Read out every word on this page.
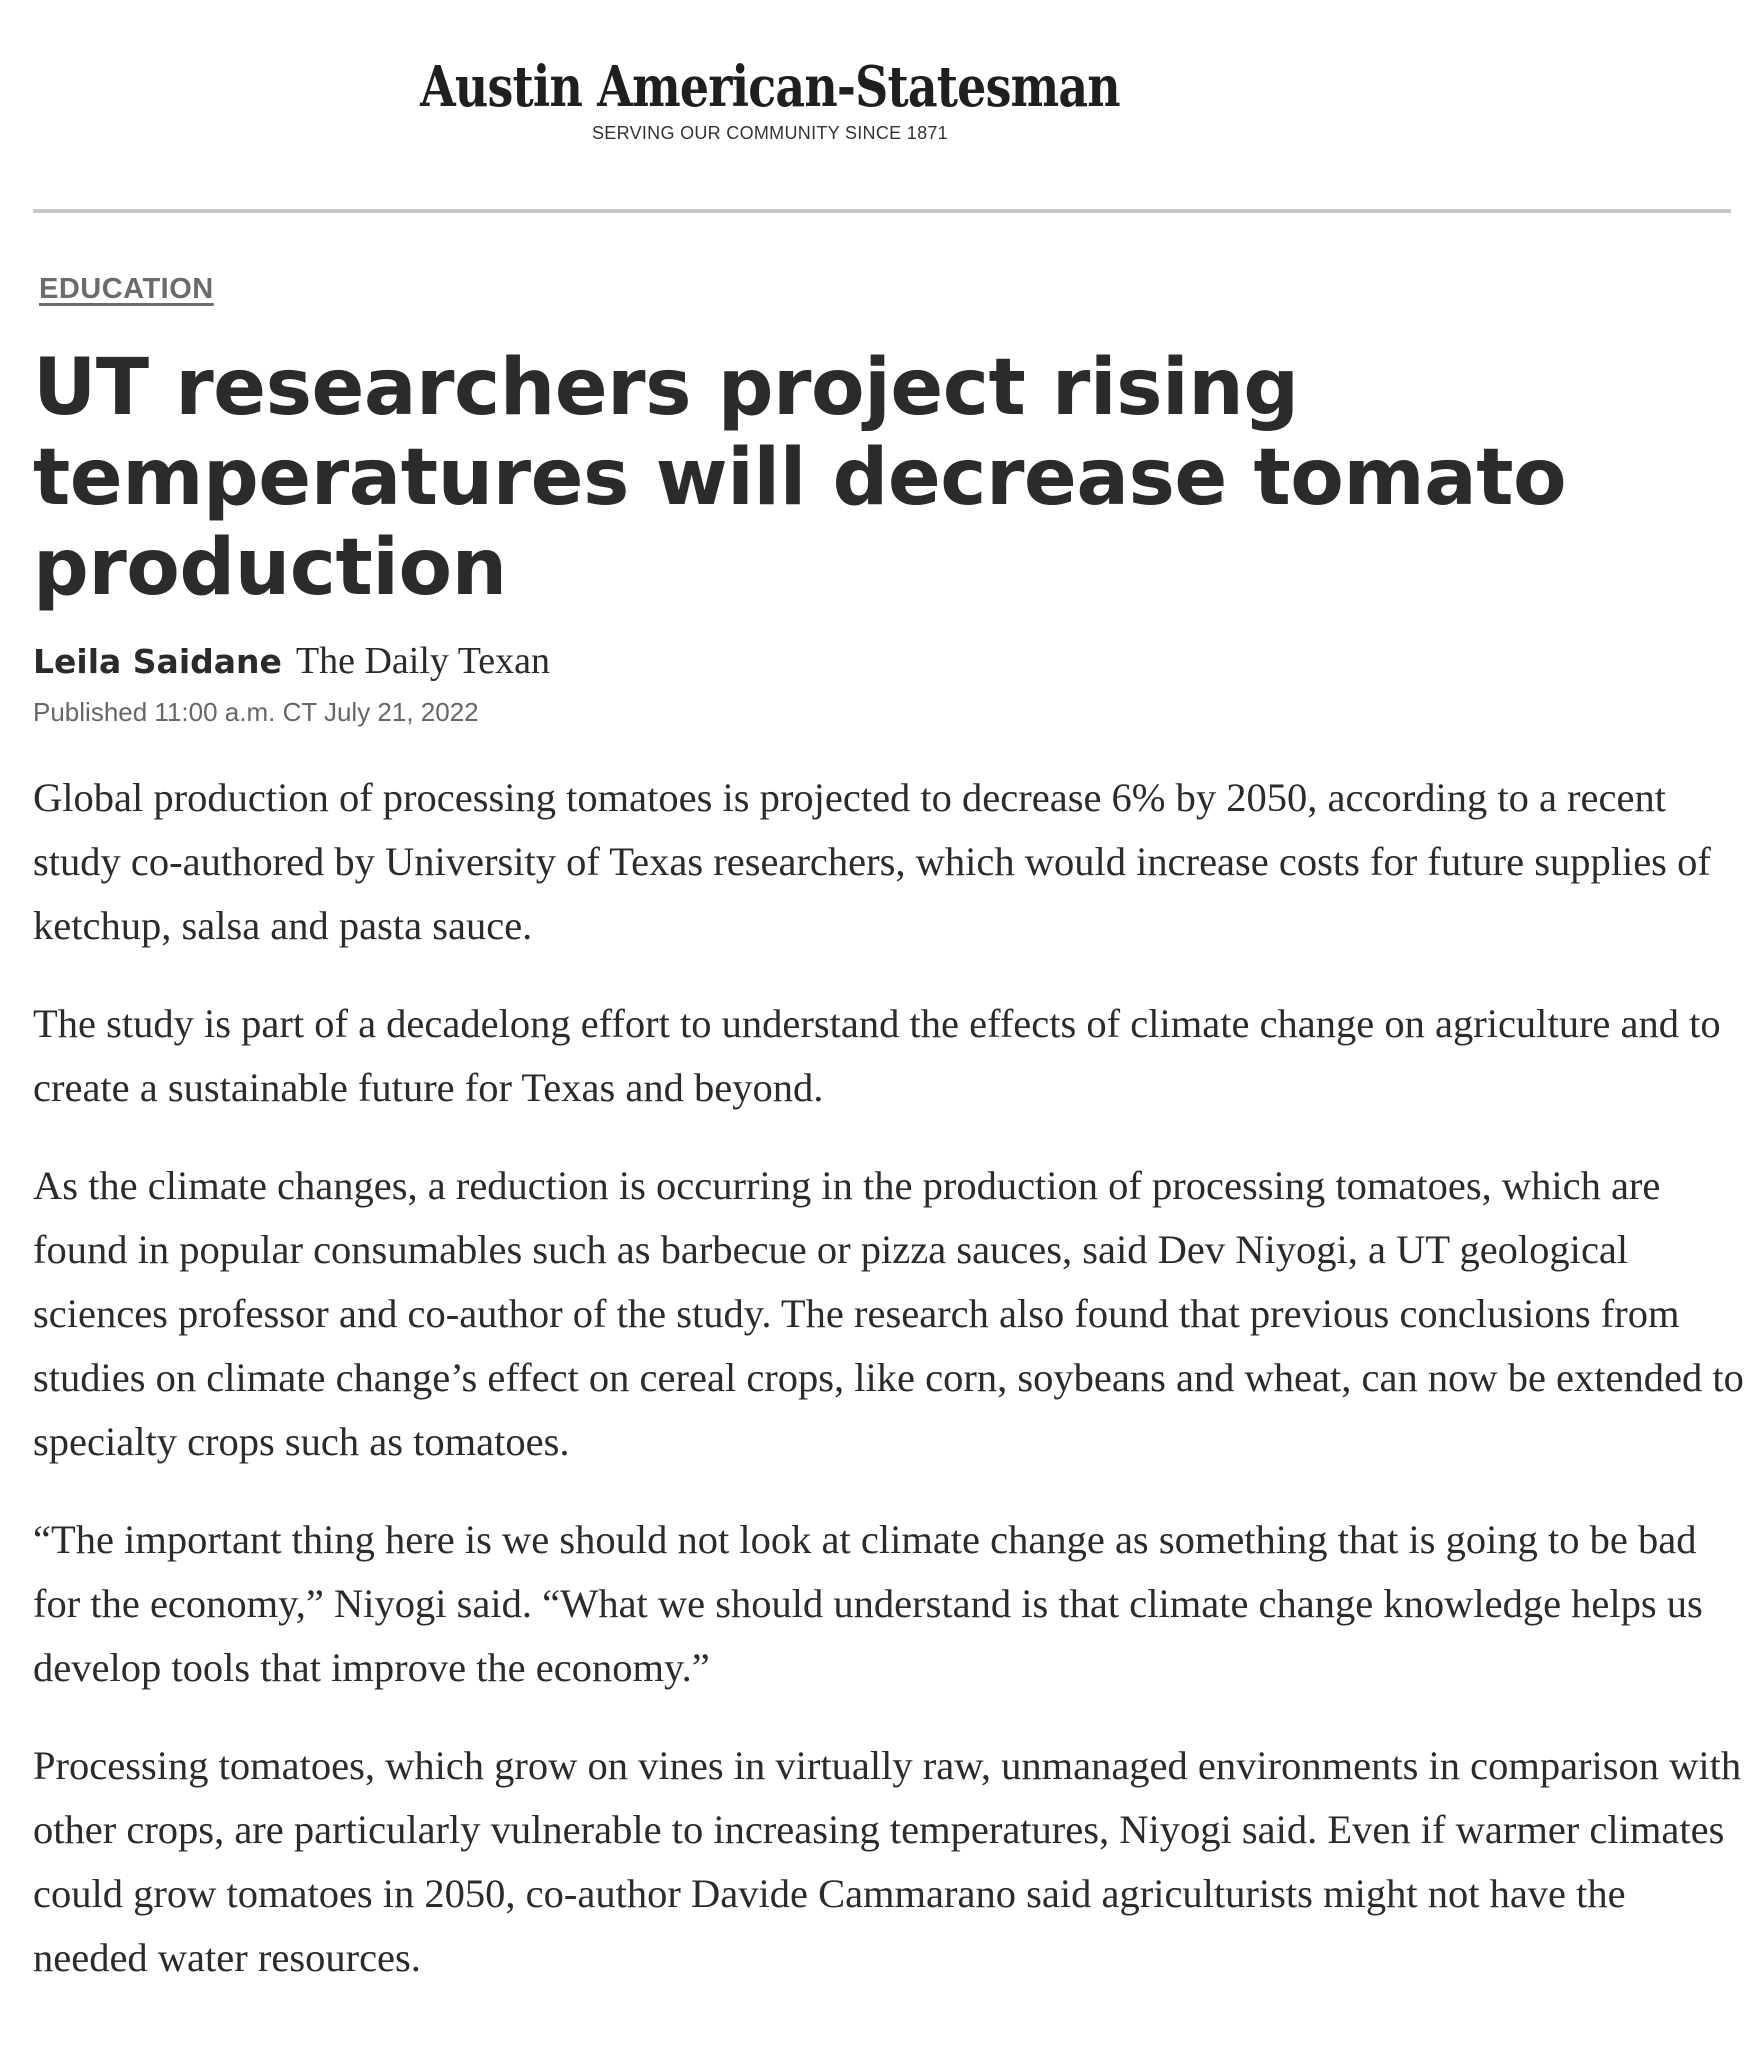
Austin American-Statesman
SERVING OUR COMMUNITY SINCE 1871
EDUCATION
UT researchers project rising temperatures will decrease tomato production
Leila Saidane The Daily Texan
Published 11:00 a.m. CT July 21, 2022

Global production of processing tomatoes is projected to decrease 6% by 2050, according to a recent study co-authored by University of Texas researchers, which would increase costs for future supplies of ketchup, salsa and pasta sauce.

The study is part of a decadelong effort to understand the effects of climate change on agriculture and to create a sustainable future for Texas and beyond.

As the climate changes, a reduction is occurring in the production of processing tomatoes, which are found in popular consumables such as barbecue or pizza sauces, said Dev Niyogi, a UT geological sciences professor and co-author of the study. The research also found that previous conclusions from studies on climate change’s effect on cereal crops, like corn, soybeans and wheat, can now be extended to specialty crops such as tomatoes.

“The important thing here is we should not look at climate change as something that is going to be bad for the economy,” Niyogi said. “What we should understand is that climate change knowledge helps us develop tools that improve the economy.”

Processing tomatoes, which grow on vines in virtually raw, unmanaged environments in comparison with other crops, are particularly vulnerable to increasing temperatures, Niyogi said. Even if warmer climates could grow tomatoes in 2050, co-author Davide Cammarano said agriculturists might not have the needed water resources.
